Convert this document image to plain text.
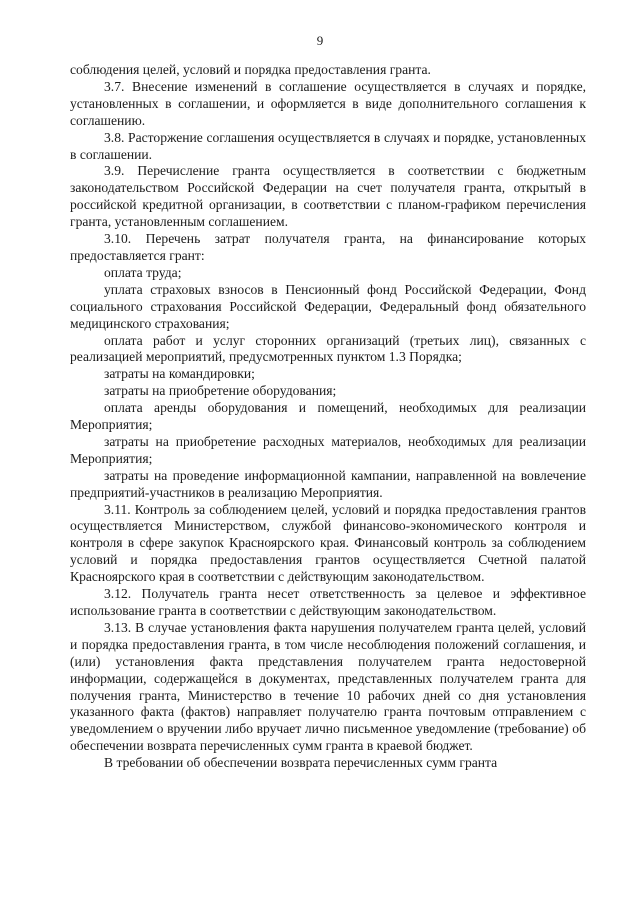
9

соблюдения целей, условий и порядка предоставления гранта.

3.7. Внесение изменений в соглашение осуществляется в случаях и порядке, установленных в соглашении, и оформляется в виде дополнительного соглашения к соглашению.

3.8. Расторжение соглашения осуществляется в случаях и порядке, установленных в соглашении.

3.9. Перечисление гранта осуществляется в соответствии с бюджетным законодательством Российской Федерации на счет получателя гранта, открытый в российской кредитной организации, в соответствии с планом-графиком перечисления гранта, установленным соглашением.

3.10. Перечень затрат получателя гранта, на финансирование которых предоставляется грант:

оплата труда;

уплата страховых взносов в Пенсионный фонд Российской Федерации, Фонд социального страхования Российской Федерации, Федеральный фонд обязательного медицинского страхования;

оплата работ и услуг сторонних организаций (третьих лиц), связанных с реализацией мероприятий, предусмотренных пунктом 1.3 Порядка;

затраты на командировки;

затраты на приобретение оборудования;

оплата аренды оборудования и помещений, необходимых для реализации Мероприятия;

затраты на приобретение расходных материалов, необходимых для реализации Мероприятия;

затраты на проведение информационной кампании, направленной на вовлечение предприятий-участников в реализацию Мероприятия.

3.11. Контроль за соблюдением целей, условий и порядка предоставления грантов осуществляется Министерством, службой финансово-экономического контроля и контроля в сфере закупок Красноярского края. Финансовый контроль за соблюдением условий и порядка предоставления грантов осуществляется Счетной палатой Красноярского края в соответствии с действующим законодательством.

3.12. Получатель гранта несет ответственность за целевое и эффективное использование гранта в соответствии с действующим законодательством.

3.13. В случае установления факта нарушения получателем гранта целей, условий и порядка предоставления гранта, в том числе несоблюдения положений соглашения, и (или) установления факта представления получателем гранта недостоверной информации, содержащейся в документах, представленных получателем гранта для получения гранта, Министерство в течение 10 рабочих дней со дня установления указанного факта (фактов) направляет получателю гранта почтовым отправлением с уведомлением о вручении либо вручает лично письменное уведомление (требование) об обеспечении возврата перечисленных сумм гранта в краевой бюджет.

В требовании об обеспечении возврата перечисленных сумм гранта
